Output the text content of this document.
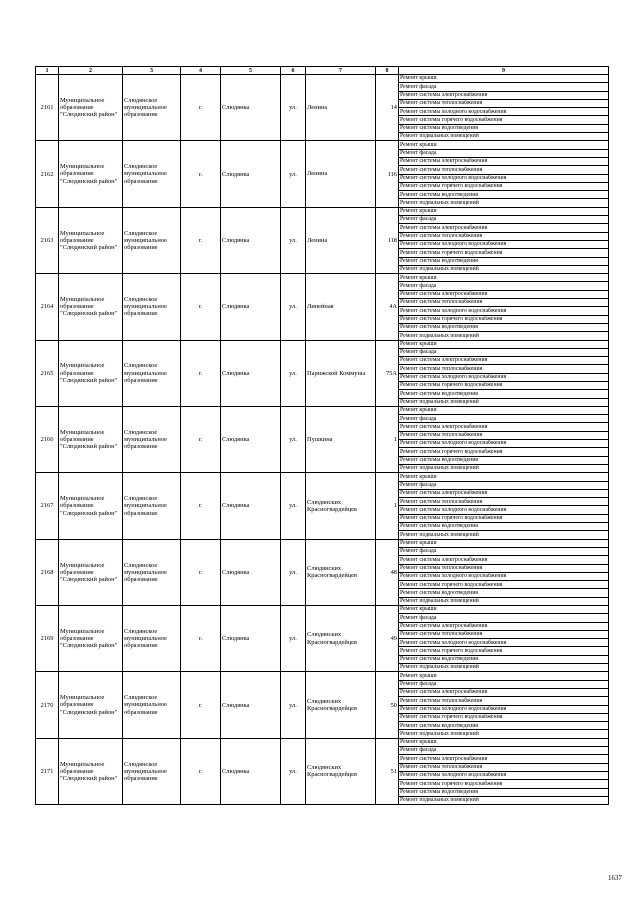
1	2	3	4	5	6	7	8	9
2161	Муниципальное образование "Слюдянский район"	Слюдянское муниципальное образование	г.	Слюдянка	ул.	Ленина	14	Ремонт крыши
								Ремонт фасада
								Ремонт системы электроснабжения
								Ремонт системы теплоснабжения
								Ремонт системы холодного водоснабжения
								Ремонт системы горячего водоснабжения
								Ремонт системы водоотведения
								Ремонт подвальных помещений
2162	Муниципальное образование "Слюдянский район"	Слюдянское муниципальное образование	г.	Слюдянка	ул.	Ленина	116	Ремонт крыши
								Ремонт фасада
								Ремонт системы электроснабжения
								Ремонт системы теплоснабжения
								Ремонт системы холодного водоснабжения
								Ремонт системы горячего водоснабжения
								Ремонт системы водоотведения
								Ремонт подвальных помещений
2163	Муниципальное образование "Слюдянский район"	Слюдянское муниципальное образование	г.	Слюдянка	ул.	Ленина	118	Ремонт крыши
								Ремонт фасада
								Ремонт системы электроснабжения
								Ремонт системы теплоснабжения
								Ремонт системы холодного водоснабжения
								Ремонт системы горячего водоснабжения
								Ремонт системы водоотведения
								Ремонт подвальных помещений
2164	Муниципальное образование "Слюдянский район"	Слюдянское муниципальное образование	г.	Слюдянка	ул.	Линейная	4А	Ремонт крыши
								Ремонт фасада
								Ремонт системы электроснабжения
								Ремонт системы теплоснабжения
								Ремонт системы холодного водоснабжения
								Ремонт системы горячего водоснабжения
								Ремонт системы водоотведения
								Ремонт подвальных помещений
2165	Муниципальное образование "Слюдянский район"	Слюдянское муниципальное образование	г.	Слюдянка	ул.	Парижской Коммуны	75А	Ремонт крыши
								Ремонт фасада
								Ремонт системы электроснабжения
								Ремонт системы теплоснабжения
								Ремонт системы холодного водоснабжения
								Ремонт системы горячего водоснабжения
								Ремонт системы водоотведения
								Ремонт подвальных помещений
2166	Муниципальное образование "Слюдянский район"	Слюдянское муниципальное образование	г.	Слюдянка	ул.	Пушкина	1	Ремонт крыши
								Ремонт фасада
								Ремонт системы электроснабжения
								Ремонт системы теплоснабжения
								Ремонт системы холодного водоснабжения
								Ремонт системы горячего водоснабжения
								Ремонт системы водоотведения
								Ремонт подвальных помещений
2167	Муниципальное образование "Слюдянский район"	Слюдянское муниципальное образование	г.	Слюдянка	ул.	Слюдянских Красногвардейцев	1	Ремонт крыши
								Ремонт фасада
								Ремонт системы электроснабжения
								Ремонт системы теплоснабжения
								Ремонт системы холодного водоснабжения
								Ремонт системы горячего водоснабжения
								Ремонт системы водоотведения
								Ремонт подвальных помещений
2168	Муниципальное образование "Слюдянский район"	Слюдянское муниципальное образование	г.	Слюдянка	ул.	Слюдянских Красногвардейцев	48	Ремонт крыши
								Ремонт фасада
								Ремонт системы электроснабжения
								Ремонт системы теплоснабжения
								Ремонт системы холодного водоснабжения
								Ремонт системы горячего водоснабжения
								Ремонт системы водоотведения
								Ремонт подвальных помещений
2169	Муниципальное образование "Слюдянский район"	Слюдянское муниципальное образование	г.	Слюдянка	ул.	Слюдянских Красногвардейцев	49	Ремонт крыши
								Ремонт фасада
								Ремонт системы электроснабжения
								Ремонт системы теплоснабжения
								Ремонт системы холодного водоснабжения
								Ремонт системы горячего водоснабжения
								Ремонт системы водоотведения
								Ремонт подвальных помещений
2170	Муниципальное образование "Слюдянский район"	Слюдянское муниципальное образование	г.	Слюдянка	ул.	Слюдянских Красногвардейцев	50	Ремонт крыши
								Ремонт фасада
								Ремонт системы электроснабжения
								Ремонт системы теплоснабжения
								Ремонт системы холодного водоснабжения
								Ремонт системы горячего водоснабжения
								Ремонт системы водоотведения
								Ремонт подвальных помещений
2171	Муниципальное образование "Слюдянский район"	Слюдянское муниципальное образование	г.	Слюдянка	ул.	Слюдянских Красногвардейцев	51	Ремонт крыши
								Ремонт фасада
								Ремонт системы электроснабжения
								Ремонт системы теплоснабжения
								Ремонт системы холодного водоснабжения
								Ремонт системы горячего водоснабжения
								Ремонт системы водоотведения
								Ремонт подвальных помещений
1637
